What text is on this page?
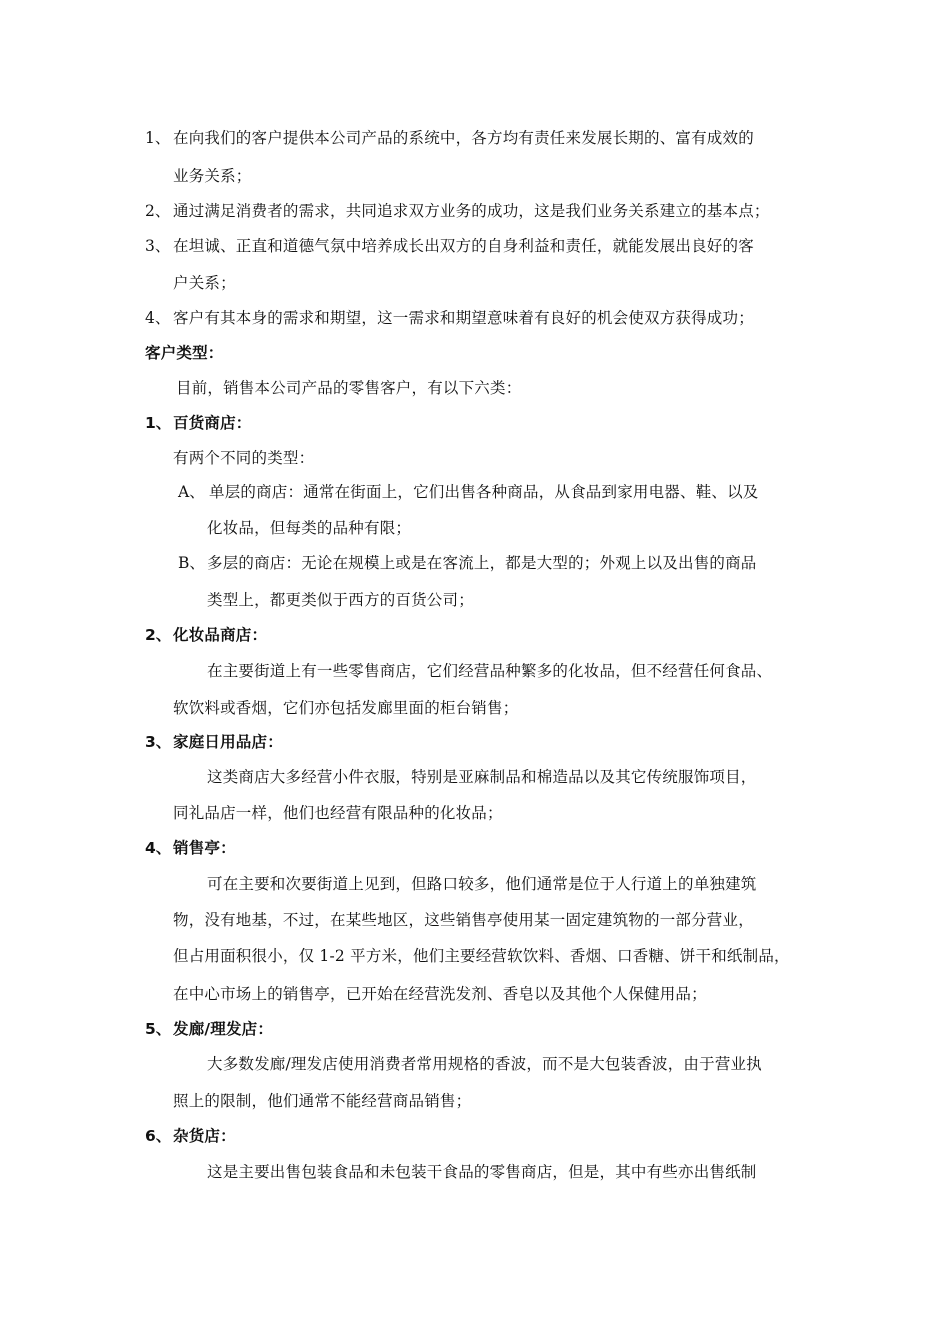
1、 在向我们的客户提供本公司产品的系统中，各方均有责任来发展长期的、富有成效的
业务关系；
2、 通过满足消费者的需求，共同追求双方业务的成功，这是我们业务关系建立的基本点；
3、 在坦诚、正直和道德气氛中培养成长出双方的自身利益和责任，就能发展出良好的客
户关系；
4、 客户有其本身的需求和期望，这一需求和期望意味着有良好的机会使双方获得成功；
客户类型：
目前，销售本公司产品的零售客户，有以下六类：
1、 百货商店：
有两个不同的类型：
A、 单层的商店：通常在街面上，它们出售各种商品，从食品到家用电器、鞋、以及
化妆品，但每类的品种有限；
B、 多层的商店：无论在规模上或是在客流上，都是大型的；外观上以及出售的商品
类型上，都更类似于西方的百货公司；
2、 化妆品商店：
在主要街道上有一些零售商店，它们经营品种繁多的化妆品，但不经营任何食品、
软饮料或香烟，它们亦包括发廊里面的柜台销售；
3、 家庭日用品店：
这类商店大多经营小件衣服，特别是亚麻制品和棉造品以及其它传统服饰项目，
同礼品店一样，他们也经营有限品种的化妆品；
4、 销售亭：
可在主要和次要街道上见到，但路口较多，他们通常是位于人行道上的单独建筑
物，没有地基，不过，在某些地区，这些销售亭使用某一固定建筑物的一部分营业，
但占用面积很小，仅 1-2 平方米，他们主要经营软饮料、香烟、口香糖、饼干和纸制品，
在中心市场上的销售亭，已开始在经营洗发剂、香皂以及其他个人保健用品；
5、 发廊/理发店：
大多数发廊/理发店使用消费者常用规格的香波，而不是大包装香波，由于营业执
照上的限制，他们通常不能经营商品销售；
6、 杂货店：
这是主要出售包装食品和未包装干食品的零售商店，但是，其中有些亦出售纸制
